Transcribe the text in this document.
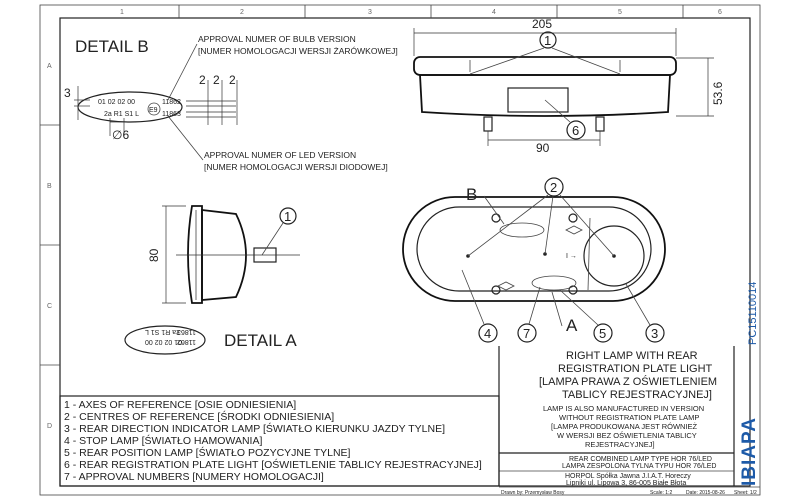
1	2	3	4	5	6
A
B
C
D
DETAIL B	APPROVAL NUMER OF BULB VERSION
[NUMER HOMOLOGACJI WERSJI ŻARÓWKOWEJ]
APPROVAL NUMER OF LED VERSION
[NUMER HOMOLOGACJI WERSJI DIODOWEJ]
01 02 02 00
2a R1 S1 L
E9
11862
11863
3
2 2 2
∅6
205
90
53.6
1
6
80
1
01 02 02 00
2a R1 S1 L
11862
11863 DETAIL A
I →
B
A
2
4 7	5	3
RIGHT LAMP WITH REAR
REGISTRATION PLATE LIGHT
[LAMPA PRAWA Z OŚWIETLENIEM
TABLICY REJESTRACYJNEJ]
LAMP IS ALSO MANUFACTURED IN VERSION
WITHOUT REGISTRATION PLATE LAMP
[LAMPA PRODUKOWANA JEST RÓWNIEŻ
W WERSJI BEZ OŚWIETLENIA TABLICY
REJESTRACYJNEJ]
REAR COMBINED LAMP TYPE HOR 76/LED
LAMPA ZESPOLONA TYLNA TYPU HOR 76/LED
HORPOL Spółka Jawna J.I.A.T. Horeczy
Lipniki ul. Lipowa 3, 86-005 Białe Błota
Drawn by: Przemysław Bosy	Scale: 1:2	Date: 2015-08-26 Sheet: 1/2
IBIAPA
PC15110014
1 - AXES OF REFERENCE [OSIE ODNIESIENIA]
2 - CENTRES OF REFERENCE [ŚRODKI ODNIESIENIA]
3 - REAR DIRECTION INDICATOR LAMP [ŚWIATŁO KIERUNKU JAZDY TYLNE]
4 - STOP LAMP [ŚWIATŁO HAMOWANIA]
5 - REAR POSITION LAMP [ŚWIATŁO POZYCYJNE TYLNE]
6 - REAR REGISTRATION PLATE LIGHT [OŚWIETLENIE TABLICY REJESTRACYJNEJ]
7 - APPROVAL NUMBERS [NUMERY HOMOLOGACJI]
